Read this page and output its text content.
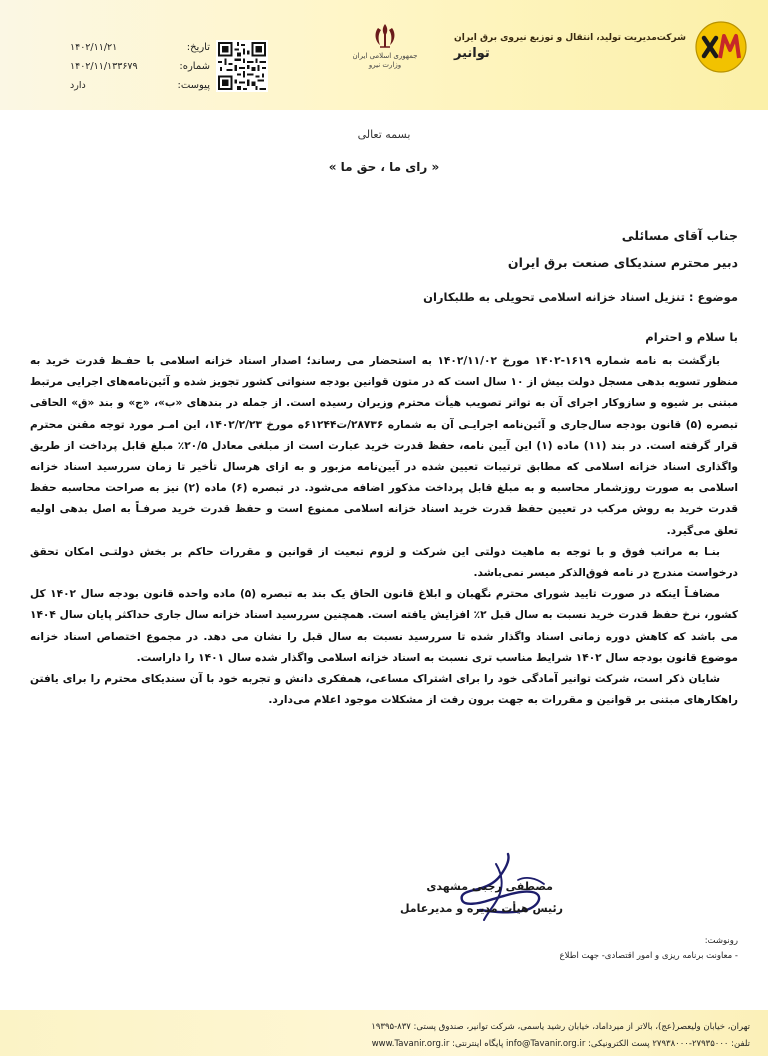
شرکت‌مدیریت تولید، انتقال و توزیع نیروی برق ایران
توانیر
جمهوری اسلامی ایران
وزارت نیرو
تاریخ:
۱۴۰۲/۱۱/۲۱
شماره:
۱۴۰۲/۱۱/۱۳۳۶۷۹
پیوست:
دارد
بسمه تعالی
« رای ما ، حق ما »
جناب آقای مسائلی
دبیر محترم سندیکای صنعت برق ایران
موضوع : تنزیل اسناد خزانه اسلامی تحویلی به طلبکاران
با سلام و احترام

بازگشت به نامه شماره ۱۶۱۹-۱۴۰۲ مورخ ۱۴۰۲/۱۱/۰۲ به استحضار می رساند؛ اصدار اسناد خزانه اسلامی با حفـظ قدرت خرید به منظور تسویه بدهی مسجل دولت بیش از ۱۰ سال است که در متون قوانین بودجه سنواتی کشور تجویز شده و آئین‌نامه‌های اجرایی مرتبط مبتنی بر شیوه و سازوکار اجرای آن به تواتر تصویب هیأت محترم وزیران رسیده است. از جمله در بندهای «ب»، «ج» و بند «ق» الحاقی تبصره (۵) قانون بودجه سال‌جاری و آئین‌نامه اجرایـی آن به شماره ۲۸۷۳۶/ت۶۱۲۴۴ه مورخ ۱۴۰۲/۲/۲۳، این امـر مورد توجه مقنن محترم قرار گرفته است. در بند (۱۱) ماده (۱) این آیین نامه، حفظ قدرت خرید عبارت است از مبلغی معادل ۲۰/۵٪ مبلغ قابل پرداخت از طریق واگذاری اسناد خزانه اسلامی که مطابق ترتیبات تعیین شده در آیین‌نامه مزبور و به ازای هرسال تأخیر تا زمان سررسید اسناد خزانه اسلامی به صورت روزشمار محاسبه و به مبلغ قابل پرداخت مذکور اضافه می‌شود. در تبصره (۶) ماده (۲) نیز به صراحت محاسبه حفظ قدرت خرید به روش مرکب در تعیین حفظ قدرت خرید اسناد خزانه اسلامی ممنوع است و حفظ قدرت خرید صرفـاً به اصل بدهی اولیه تعلق می‌گیرد.

بنـا به مراتب فوق و با توجه به ماهیت دولتی این شرکت و لزوم تبعیت از قوانین و مقررات حاکم بر بخش دولتـی امکان تحقق درخواست مندرج در نامه فوق‌الذکر میسر نمی‌باشد.

مضافـاً اینکه در صورت تایید شورای محترم نگهبان و ابلاغ قانون الحاق یک بند به تبصره (۵) ماده واحده قانون بودجه سال ۱۴۰۲ کل کشور، نرخ حفظ قدرت خرید نسبت به سال قبل ۲٪ افزایش یافته است. همچنین سررسید اسناد خزانه سال جاری حداکثر پایان سال ۱۴۰۴ می باشد که کاهش دوره زمانی اسناد واگذار شده تا سررسید نسبت به سال قبل را نشان می دهد. در مجموع اختصاص اسناد خزانه موضوع قانون بودجه سال ۱۴۰۲ شرایط مناسب تری نسبت به اسناد خزانه اسلامی واگذار شده سال ۱۴۰۱ را داراست.

شایان ذکر است، شرکت توانیر آمادگی خود را برای اشتراک مساعی، همفکری دانش و تجربه خود با آن سندیکای محترم را برای یافتن راهکارهای مبتنی بر قوانین و مقررات به جهت برون رفت از مشکلات موجود اعلام می‌دارد.

مصطفی رجبی مشهدی
رئیس هیأت مدیره و مدیرعامل
رونوشت:
- معاونت برنامه ریزی و امور اقتصادی- جهت اطلاع
تهران، خیابان ولیعصر(عج)، بالاتر از میرداماد، خیابان رشید یاسمی، شرکت توانیر، صندوق پستی: ۸۳۷-۱۹۳۹۵
تلفن: ۲۷۹۳۵۰۰۰-۲۷۹۳۸۰۰۰ پست الکترونیکی: info@Tavanir.org.ir پایگاه اینترنتی: www.Tavanir.org.ir
